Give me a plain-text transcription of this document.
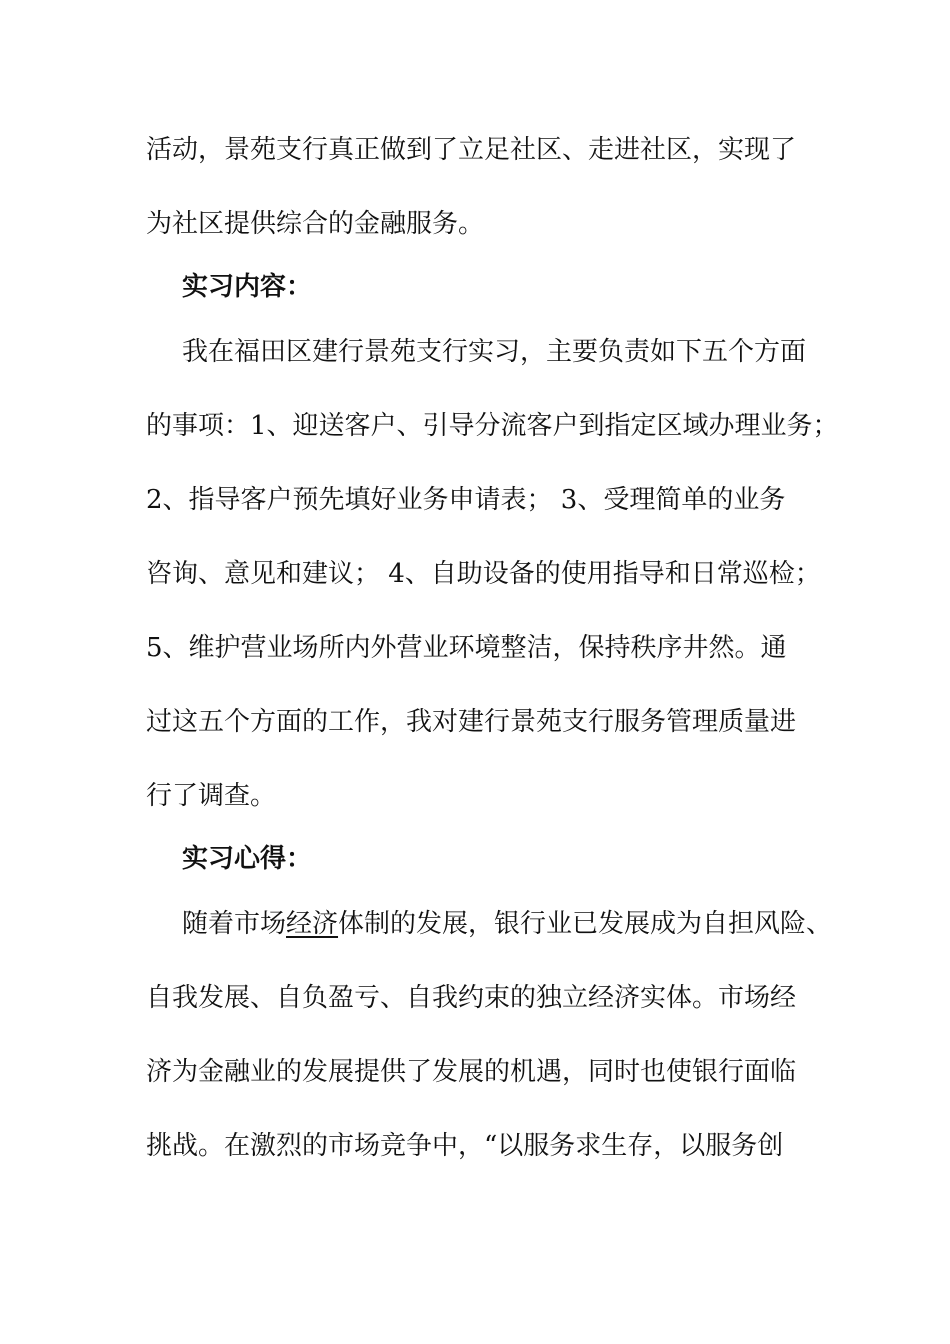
活动，景苑支行真正做到了立足社区、走进社区，实现了
为社区提供综合的金融服务。
实习内容：
我在福田区建行景苑支行实习，主要负责如下五个方面
的事项：1、迎送客户、引导分流客户到指定区域办理业务；
2、指导客户预先填好业务申请表； 3、受理简单的业务
咨询、意见和建议； 4、自助设备的使用指导和日常巡检；
5、维护营业场所内外营业环境整洁，保持秩序井然。通
过这五个方面的工作，我对建行景苑支行服务管理质量进
行了调查。
实习心得：
随着市场经济体制的发展，银行业已发展成为自担风险、
自我发展、自负盈亏、自我约束的独立经济实体。市场经
济为金融业的发展提供了发展的机遇，同时也使银行面临
挑战。在激烈的市场竞争中，“以服务求生存，以服务创
